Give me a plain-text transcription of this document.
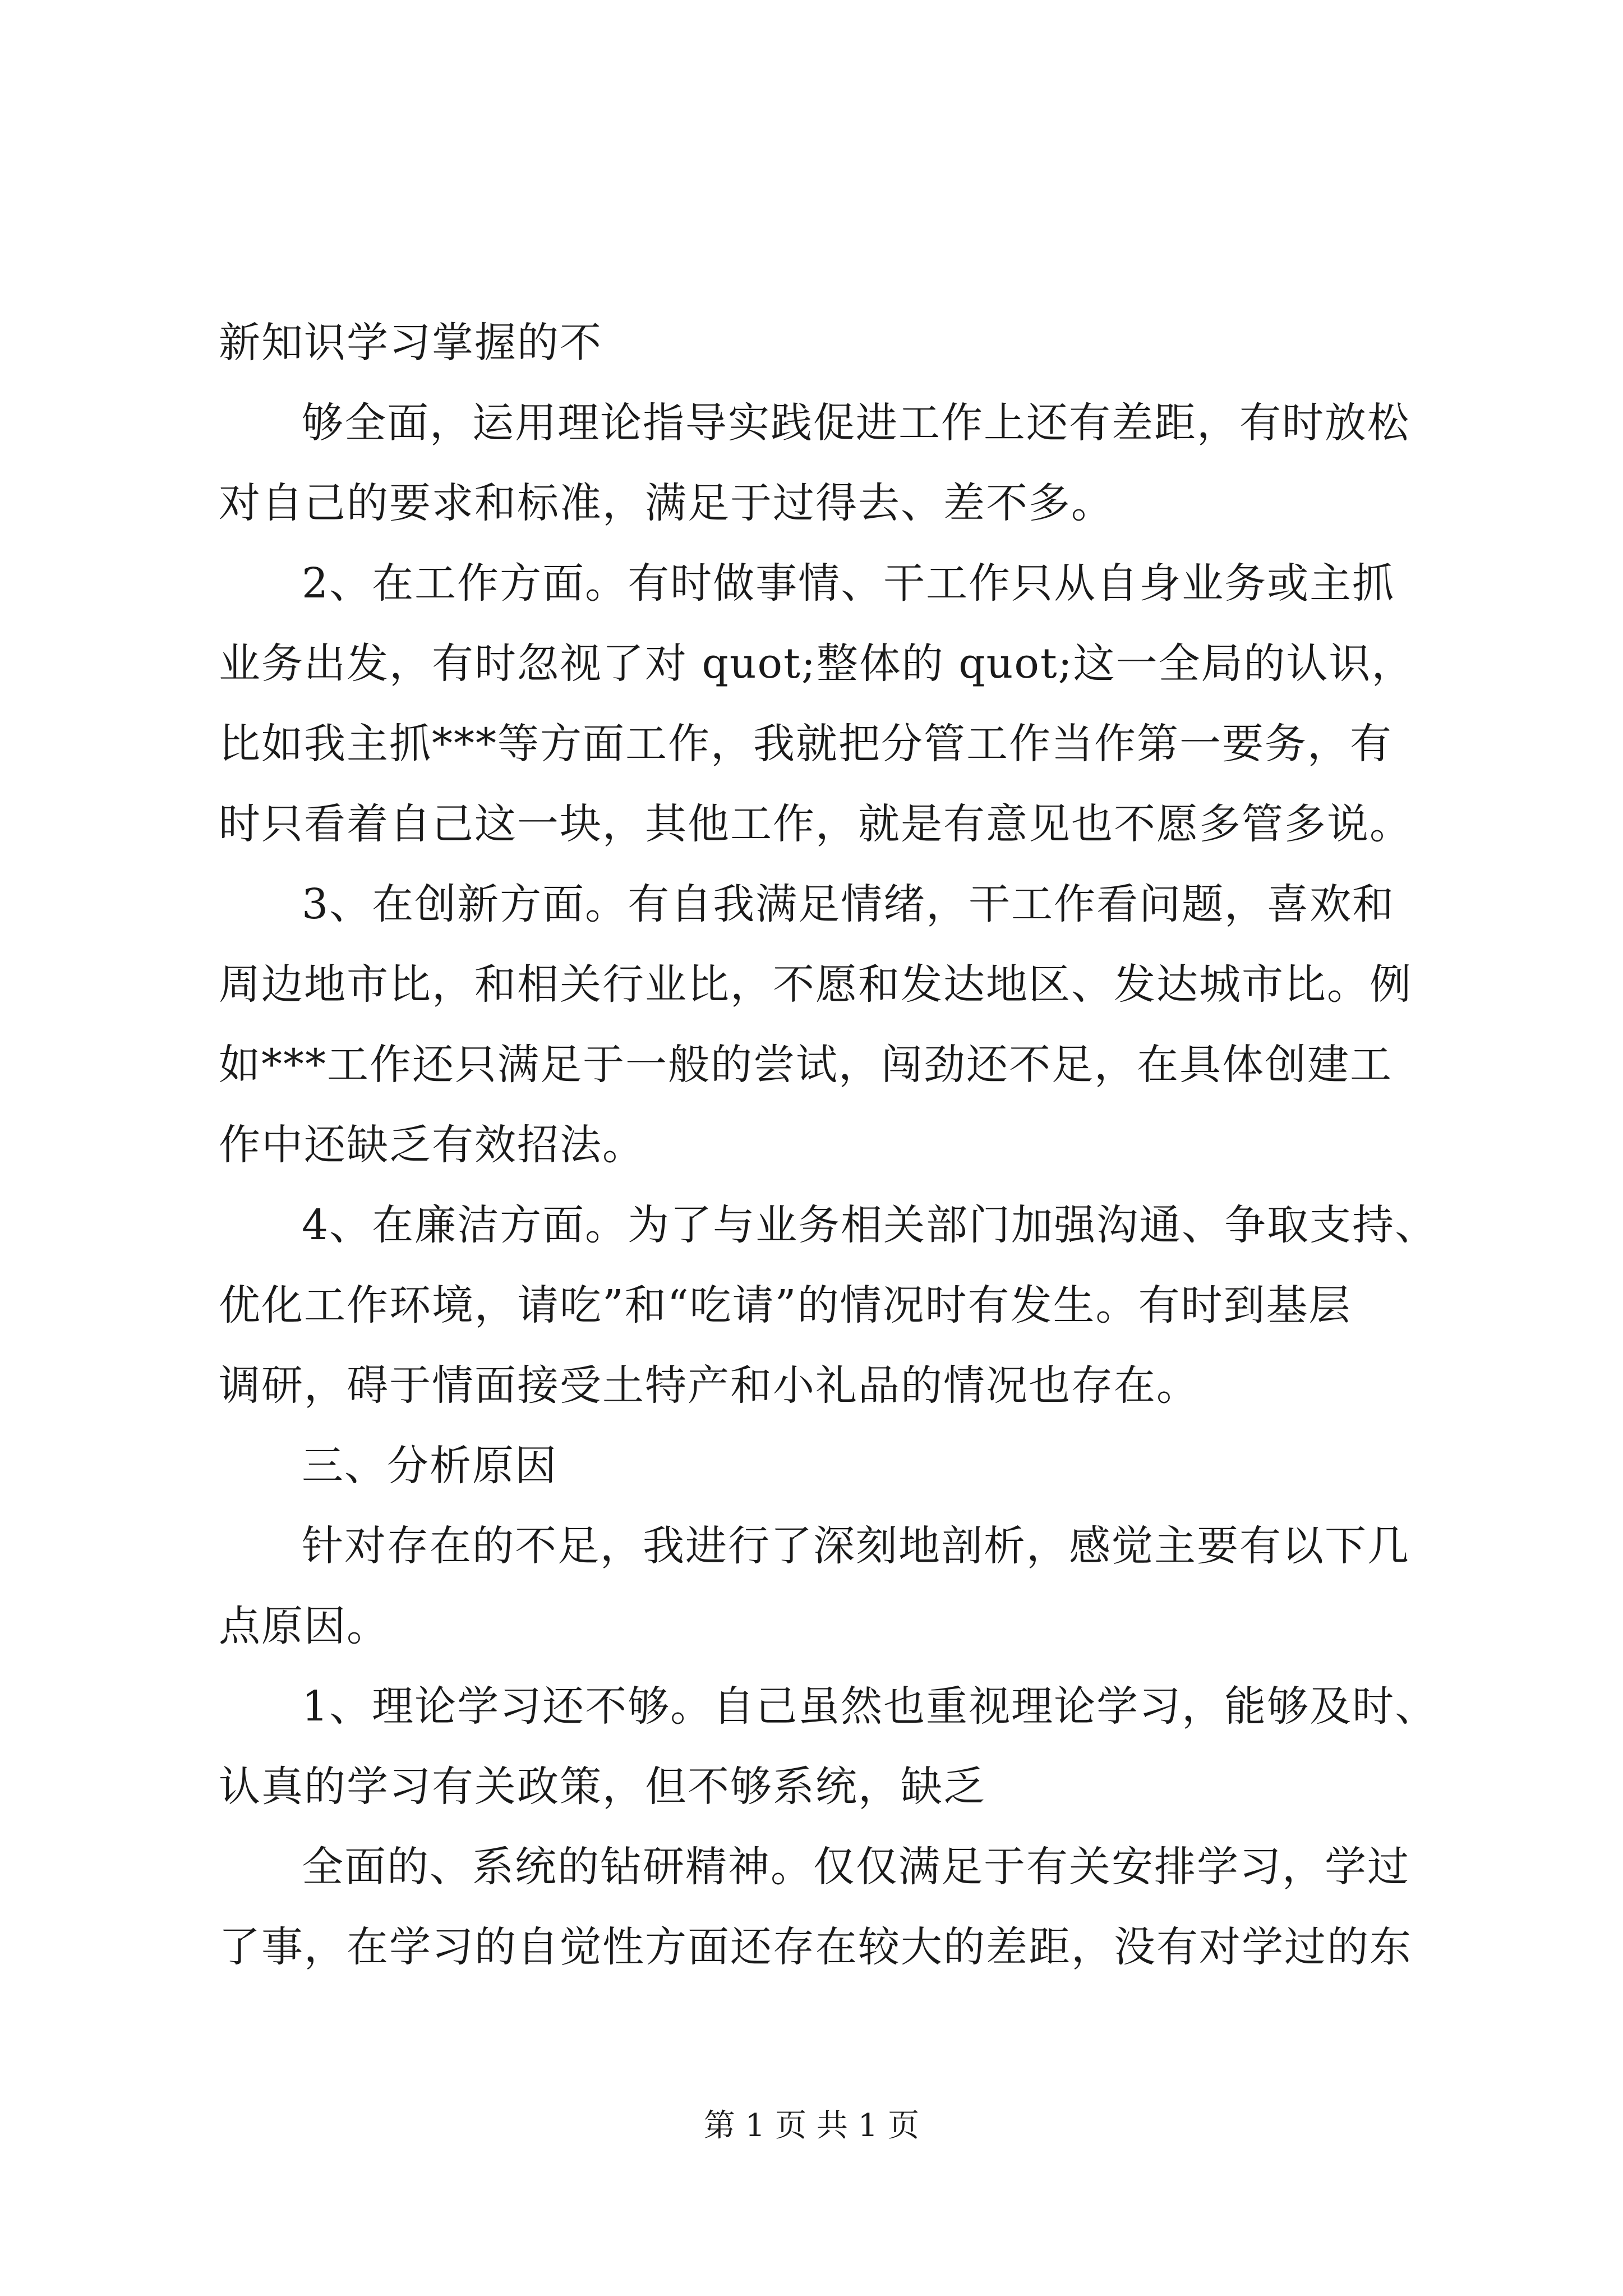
新知识学习掌握的不
够全面，运用理论指导实践促进工作上还有差距，有时放松
对自己的要求和标准，满足于过得去、差不多。
2、在工作方面。有时做事情、干工作只从自身业务或主抓
业务出发，有时忽视了对 quot;整体的 quot;这一全局的认识，
比如我主抓***等方面工作，我就把分管工作当作第一要务，有
时只看着自己这一块，其他工作，就是有意见也不愿多管多说。
3、在创新方面。有自我满足情绪，干工作看问题，喜欢和
周边地市比，和相关行业比，不愿和发达地区、发达城市比。例
如***工作还只满足于一般的尝试，闯劲还不足，在具体创建工
作中还缺乏有效招法。
4、在廉洁方面。为了与业务相关部门加强沟通、争取支持、
优化工作环境，请吃”和“吃请”的情况时有发生。有时到基层
调研，碍于情面接受土特产和小礼品的情况也存在。
三、分析原因
针对存在的不足，我进行了深刻地剖析，感觉主要有以下几
点原因。
1、理论学习还不够。自己虽然也重视理论学习，能够及时、
认真的学习有关政策，但不够系统，缺乏
全面的、系统的钻研精神。仅仅满足于有关安排学习，学过
了事，在学习的自觉性方面还存在较大的差距，没有对学过的东
第 1 页 共 1 页
